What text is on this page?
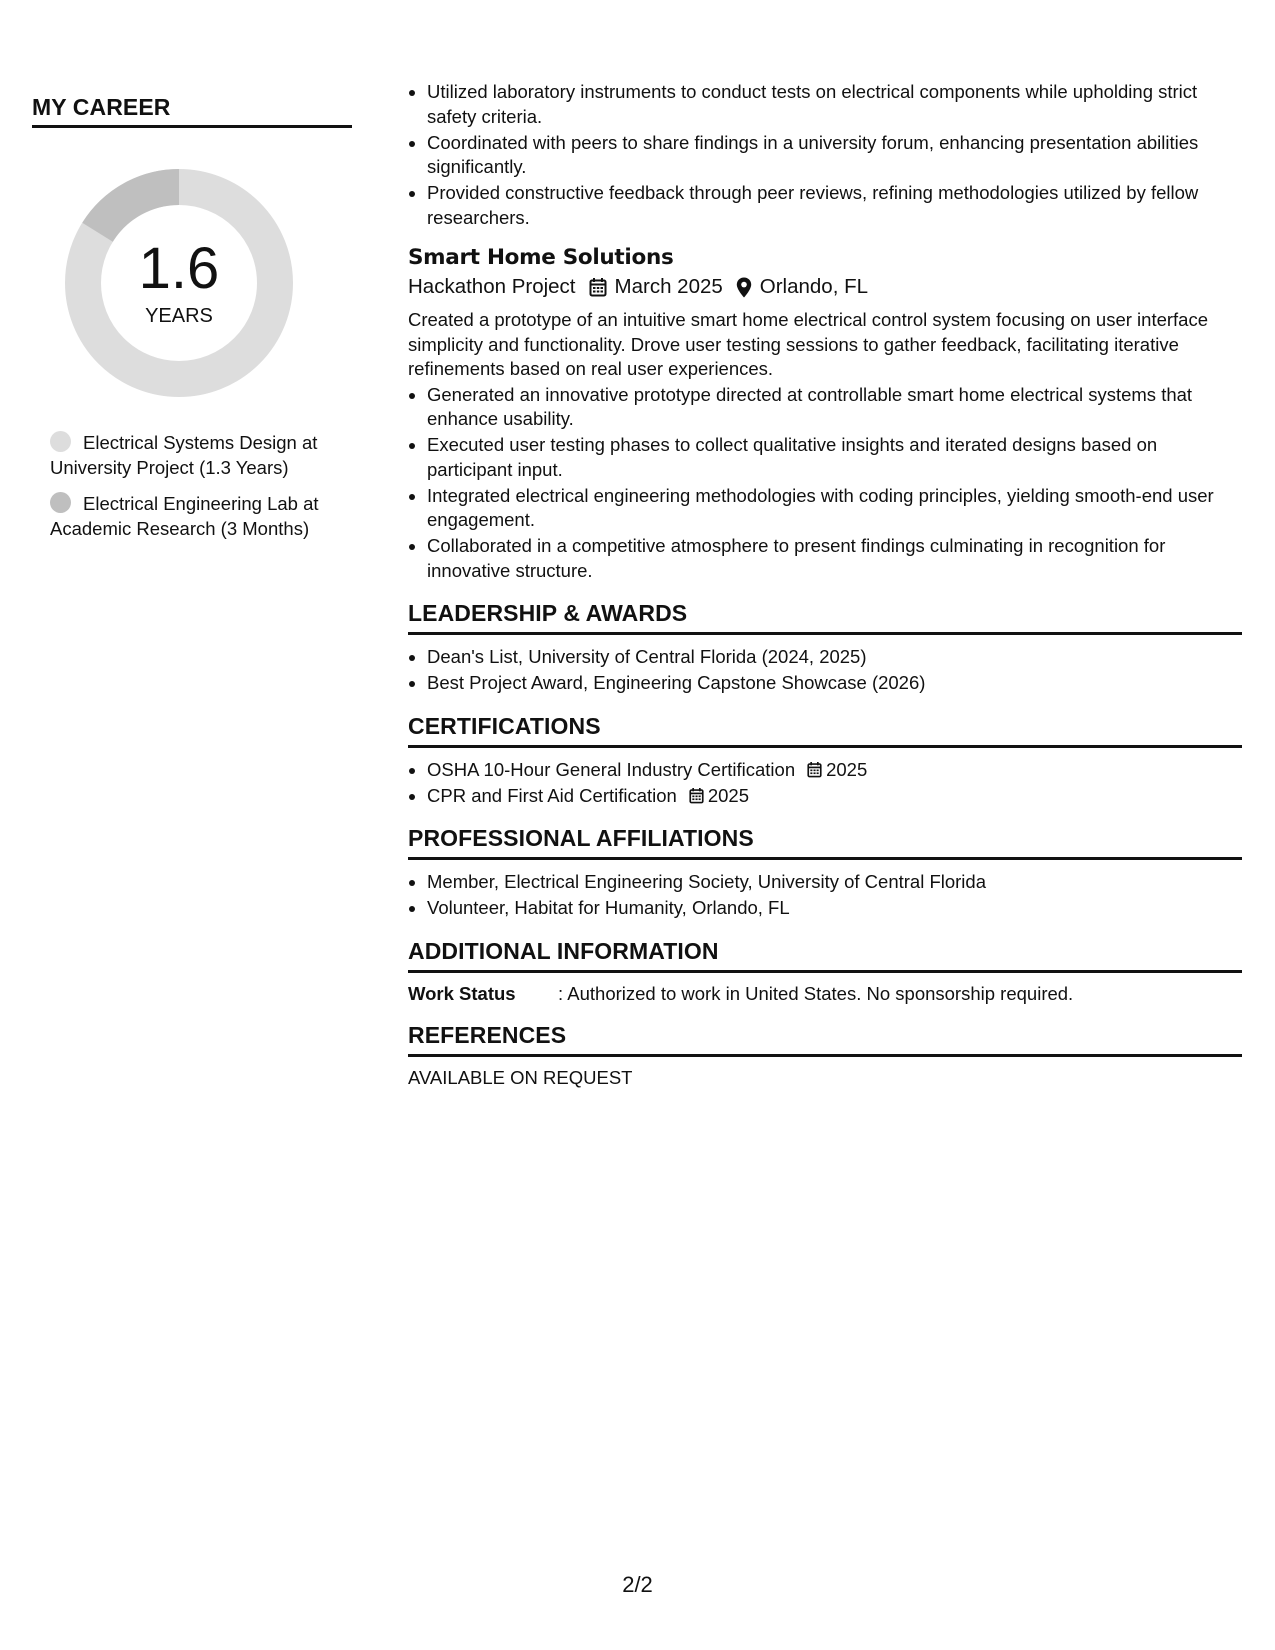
MY CAREER
1.6
YEARS
Electrical Systems Design at University Project (1.3 Years)
Electrical Engineering Lab at Academic Research (3 Months)
• Utilized laboratory instruments to conduct tests on electrical components while upholding strict safety criteria.
• Coordinated with peers to share findings in a university forum, enhancing presentation abilities significantly.
• Provided constructive feedback through peer reviews, refining methodologies utilized by fellow researchers.
Smart Home Solutions
Hackathon Project March 2025 Orlando, FL

Created a prototype of an intuitive smart home electrical control system focusing on user interface simplicity and functionality. Drove user testing sessions to gather feedback, facilitating iterative refinements based on real user experiences.

• Generated an innovative prototype directed at controllable smart home electrical systems that enhance usability.
• Executed user testing phases to collect qualitative insights and iterated designs based on participant input.
• Integrated electrical engineering methodologies with coding principles, yielding smooth-end user engagement.
• Collaborated in a competitive atmosphere to present findings culminating in recognition for innovative structure.
LEADERSHIP & AWARDS
• Dean's List, University of Central Florida (2024, 2025)
• Best Project Award, Engineering Capstone Showcase (2026)
CERTIFICATIONS
• OSHA 10-Hour General Industry Certification 2025
• CPR and First Aid Certification 2025
PROFESSIONAL AFFILIATIONS
• Member, Electrical Engineering Society, University of Central Florida
• Volunteer, Habitat for Humanity, Orlando, FL
ADDITIONAL INFORMATION
Work Status	: Authorized to work in United States. No sponsorship required.
REFERENCES
AVAILABLE ON REQUEST
2/2
